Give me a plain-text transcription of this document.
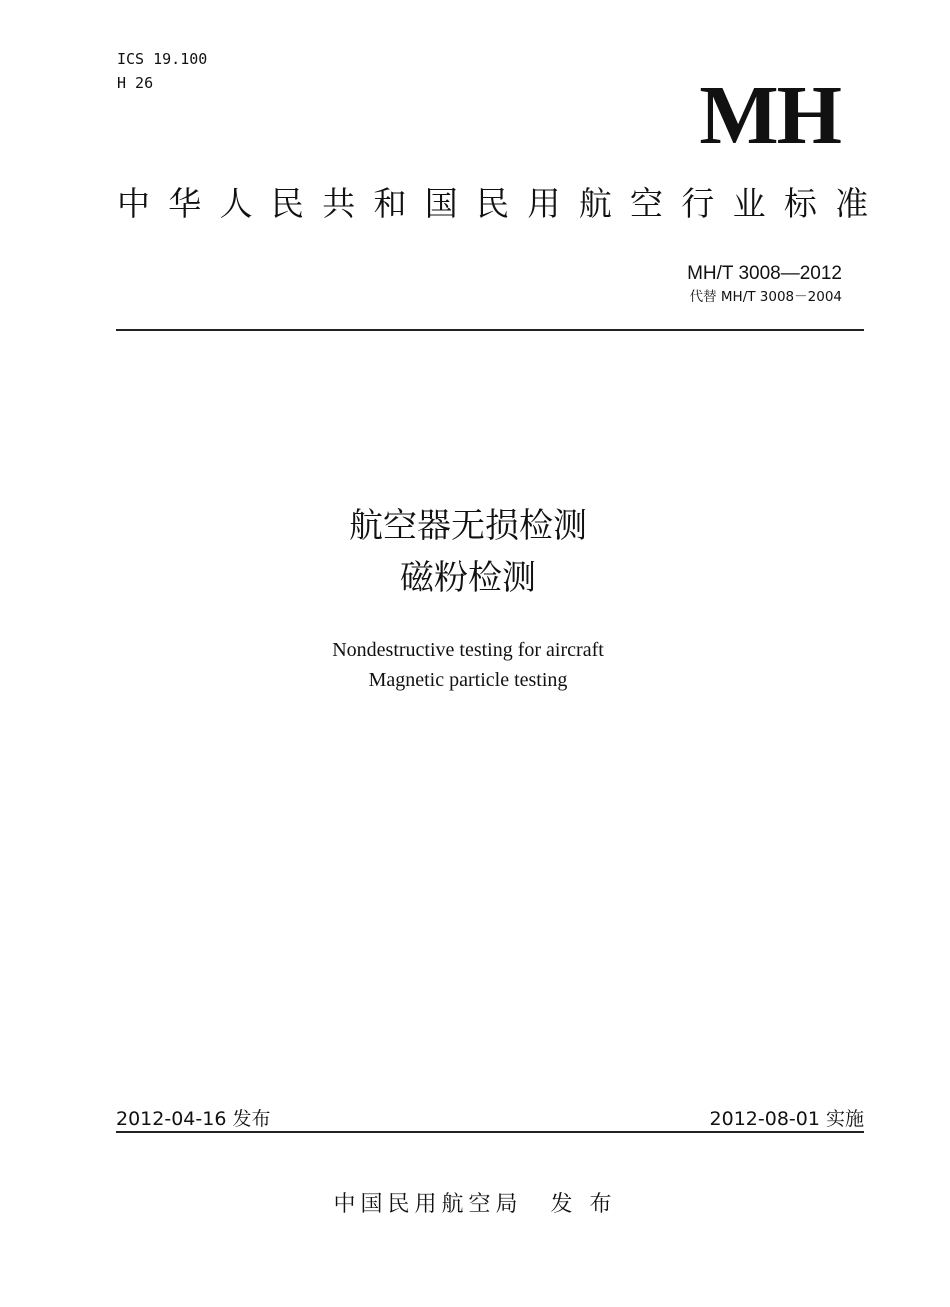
ICS 19.100
H 26	MH
中华人民共和国民用航空行业标准
MH/T 3008—2012
代替 MH/T 3008－2004
航空器无损检测
磁粉检测
Nondestructive testing for aircraft
Magnetic particle testing
2012-04-16 发布	2012-08-01 实施
中国民用航空局 发 布
